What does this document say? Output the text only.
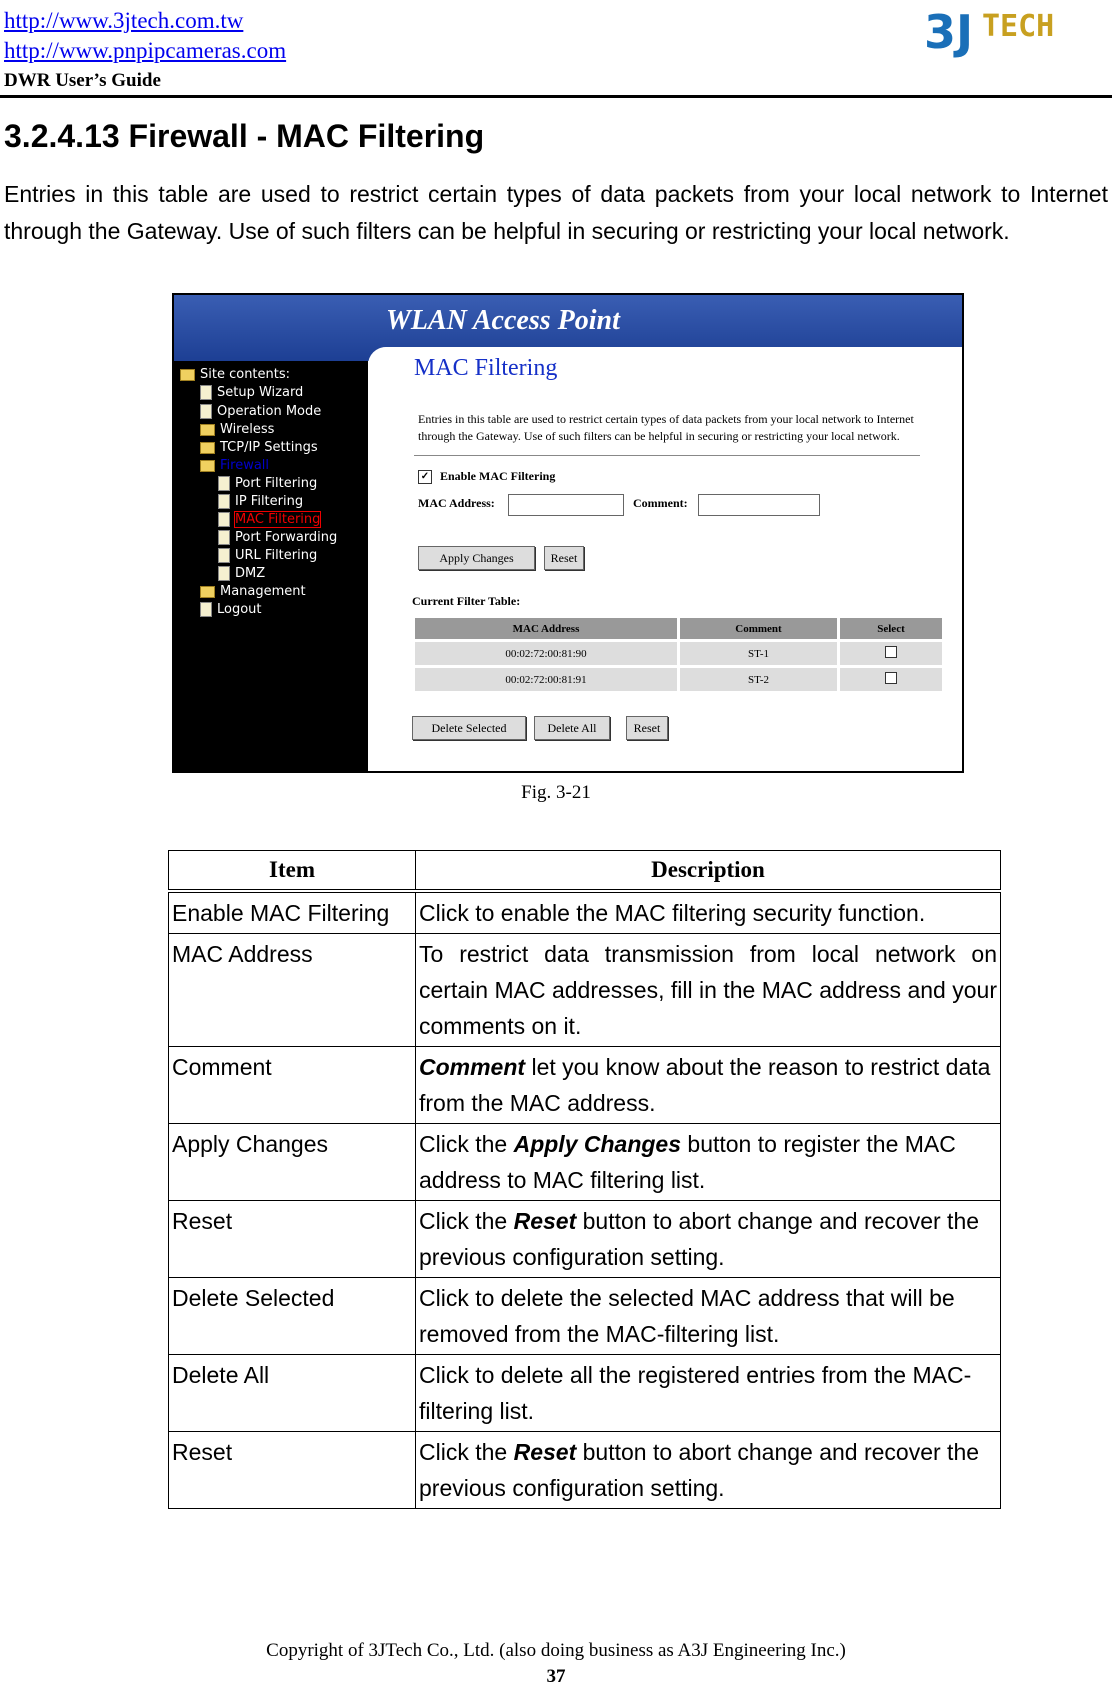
http://www.3jtech.com.tw
http://www.pnpipcameras.com
DWR User’s Guide
3J TECH
3.2.4.13 Firewall - MAC Filtering

Entries in this table are used to restrict certain types of data packets from your local network to Internet through the Gateway. Use of such filters can be helpful in securing or restricting your local network.

WLAN Access Point
Site contents:
Setup Wizard
Operation Mode
Wireless
TCP/IP Settings
Firewall
Port Filtering
IP Filtering
MAC Filtering
Port Forwarding
URL Filtering
DMZ
Management
Logout
MAC Filtering
Entries in this table are used to restrict certain types of data packets from your local network to Internet through the Gateway. Use of such filters can be helpful in securing or restricting your local network.
✓ Enable MAC Filtering
MAC Address:	Comment:
Apply Changes	Reset
Current Filter Table:
MAC Address	Comment	Select
00:02:72:00:81:90	ST-1	
00:02:72:00:81:91	ST-2	
Delete Selected	Delete All	Reset
Fig. 3-21
Item	Description
Enable MAC Filtering	Click to enable the MAC filtering security function.
MAC Address	To restrict data transmission from local network on certain MAC addresses, fill in the MAC address and your comments on it.
Comment	Comment let you know about the reason to restrict data from the MAC address.
Apply Changes	Click the Apply Changes button to register the MAC address to MAC filtering list.
Reset	Click the Reset button to abort change and recover the previous configuration setting.
Delete Selected	Click to delete the selected MAC address that will be removed from the MAC-filtering list.
Delete All	Click to delete all the registered entries from the MAC-filtering list.
Reset	Click the Reset button to abort change and recover the previous configuration setting.
Copyright of 3JTech Co., Ltd. (also doing business as A3J Engineering Inc.)
37
